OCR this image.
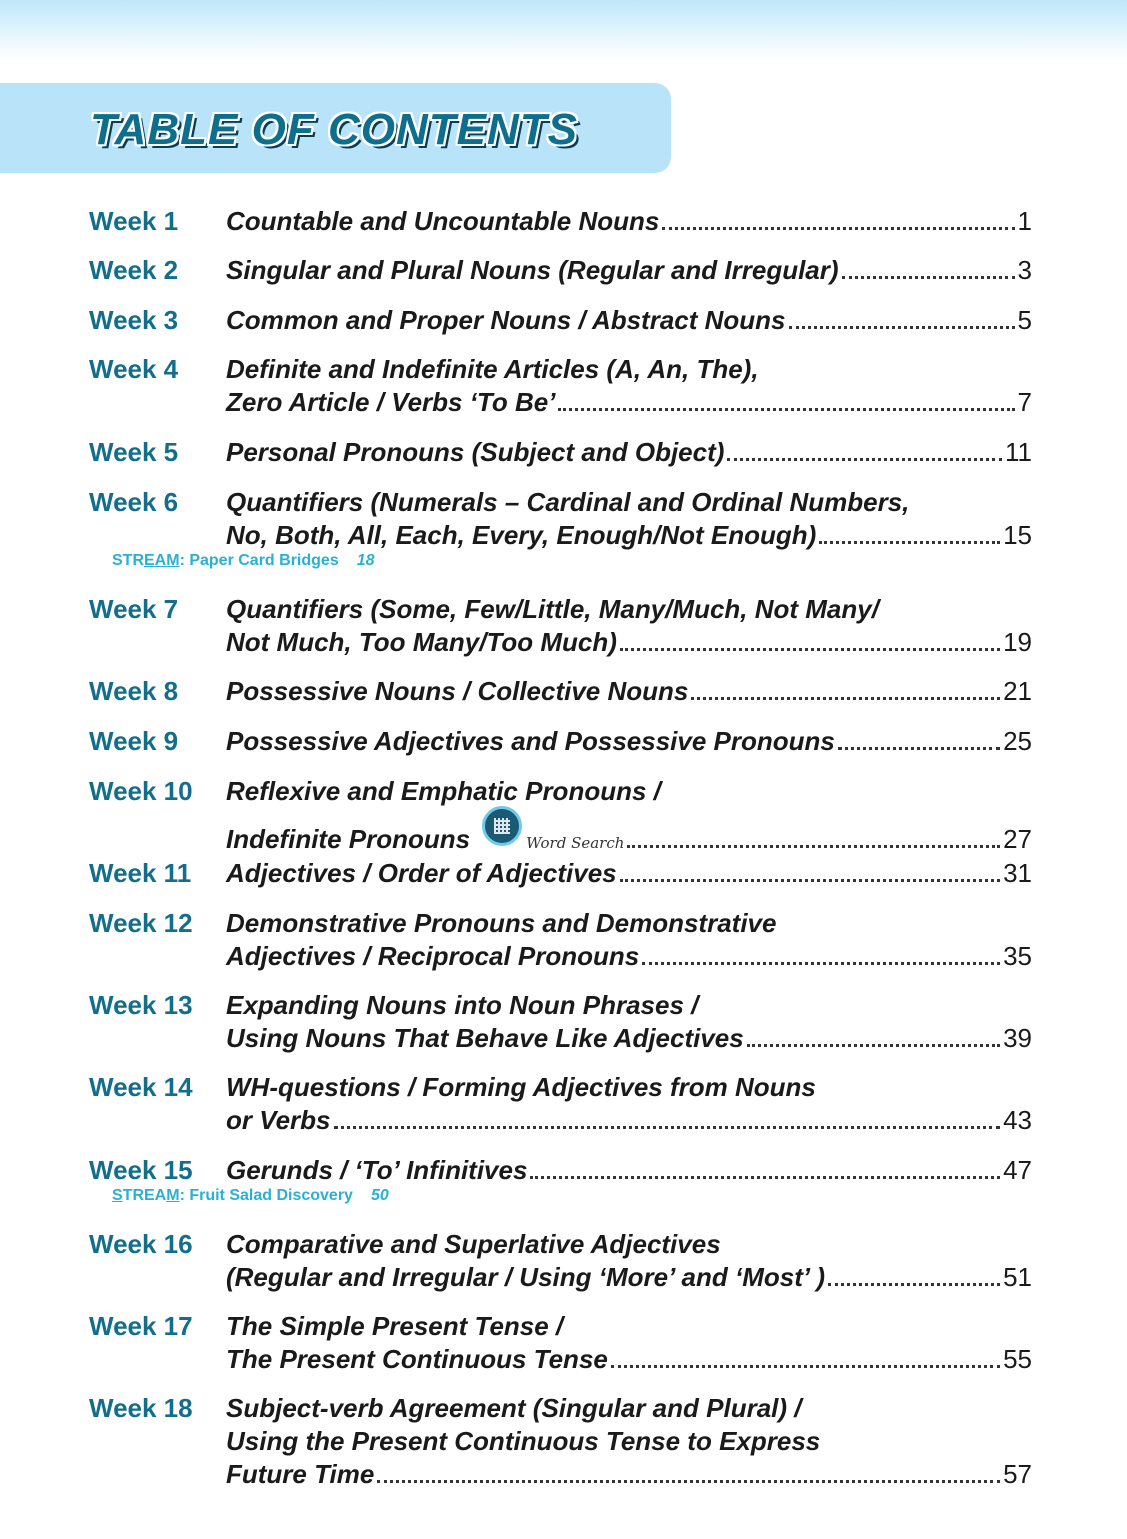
TABLE OF CONTENTS
Week 1 Countable and Uncountable Nouns	1
Week 2 Singular and Plural Nouns (Regular and Irregular)	3
Week 3 Common and Proper Nouns / Abstract Nouns	5
Week 4 Definite and Indefinite Articles (A, An, The),
Zero Article / Verbs ‘To Be’	7
Week 5 Personal Pronouns (Subject and Object)	11
Week 6 Quantifiers (Numerals – Cardinal and Ordinal Numbers,
No, Both, All, Each, Every, Enough/Not Enough)	15
Week 7 Quantifiers (Some, Few/Little, Many/Much, Not Many/
Not Much, Too Many/Too Much)	19
Week 8 Possessive Nouns / Collective Nouns	21
Week 9 Possessive Adjectives and Possessive Pronouns	25
Week 10 Reflexive and Emphatic Pronouns /
Indefinite Pronouns	Word Search	27
Week 11 Adjectives / Order of Adjectives	31
Week 12 Demonstrative Pronouns and Demonstrative
Adjectives / Reciprocal Pronouns	35
Week 13 Expanding Nouns into Noun Phrases /
Using Nouns That Behave Like Adjectives	39
Week 14 WH-questions / Forming Adjectives from Nouns
or Verbs	43
Week 15 Gerunds / ‘To’ Infinitives	47
Week 16 Comparative and Superlative Adjectives
(Regular and Irregular / Using ‘More’ and ‘Most’ )	51
Week 17 The Simple Present Tense /
The Present Continuous Tense	55
Week 18 Subject-verb Agreement (Singular and Plural) /
Using the Present Continuous Tense to Express
Future Time	57
STREAM: Paper Card Bridges 18
STREAM: Fruit Salad Discovery 50
